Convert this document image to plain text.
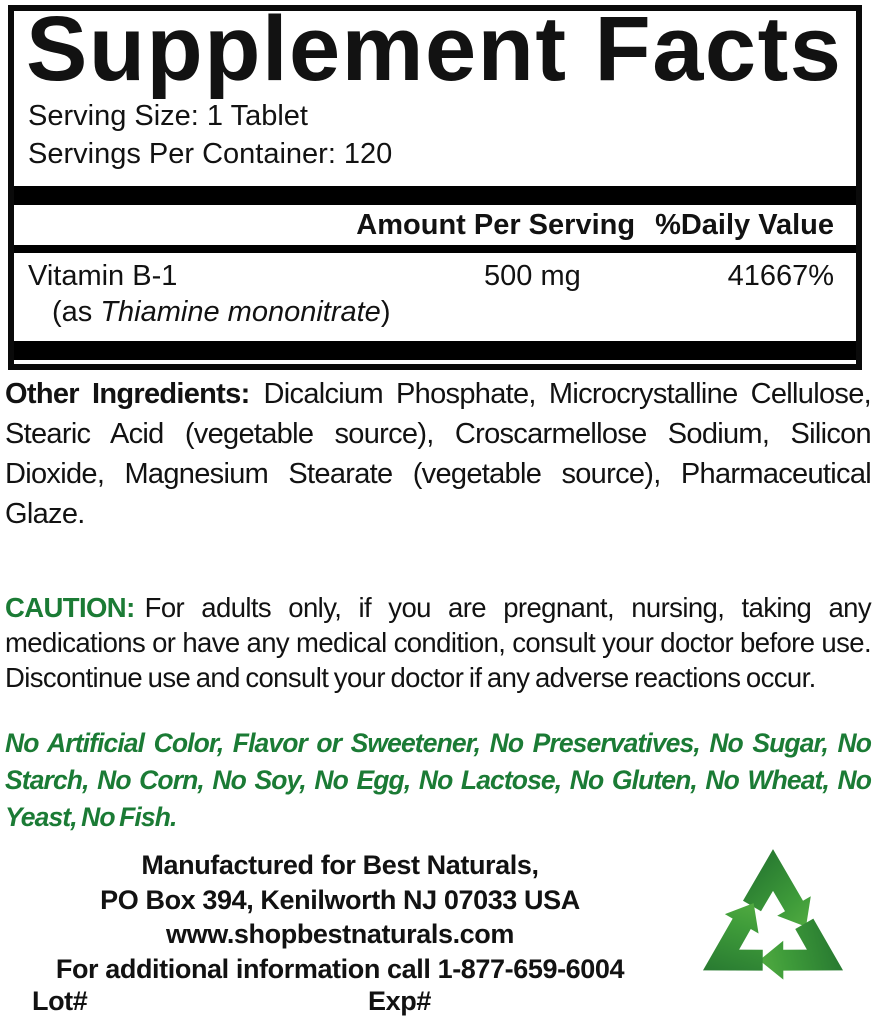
Supplement Facts
Serving Size: 1 Tablet
Servings Per Container: 120
Amount Per Serving %Daily Value
Vitamin B-1	500 mg	41667%
(as Thiamine mononitrate)
Other Ingredients: Dicalcium Phosphate, Microcrystalline Cellulose, Stearic Acid (vegetable source), Croscarmellose Sodium, Silicon Dioxide, Magnesium Stearate (vegetable source), Pharmaceutical Glaze.
CAUTION: For adults only, if you are pregnant, nursing, taking any medications or have any medical condition, consult your doctor before use. Discontinue use and consult your doctor if any adverse reactions occur.
No Artificial Color, Flavor or Sweetener, No Preservatives, No Sugar, No Starch, No Corn, No Soy, No Egg, No Lactose, No Gluten, No Wheat, No Yeast, No Fish.
Manufactured for Best Naturals,
PO Box 394, Kenilworth NJ 07033 USA
www.shopbestnaturals.com
For additional information call 1-877-659-6004
Lot#	Exp#
